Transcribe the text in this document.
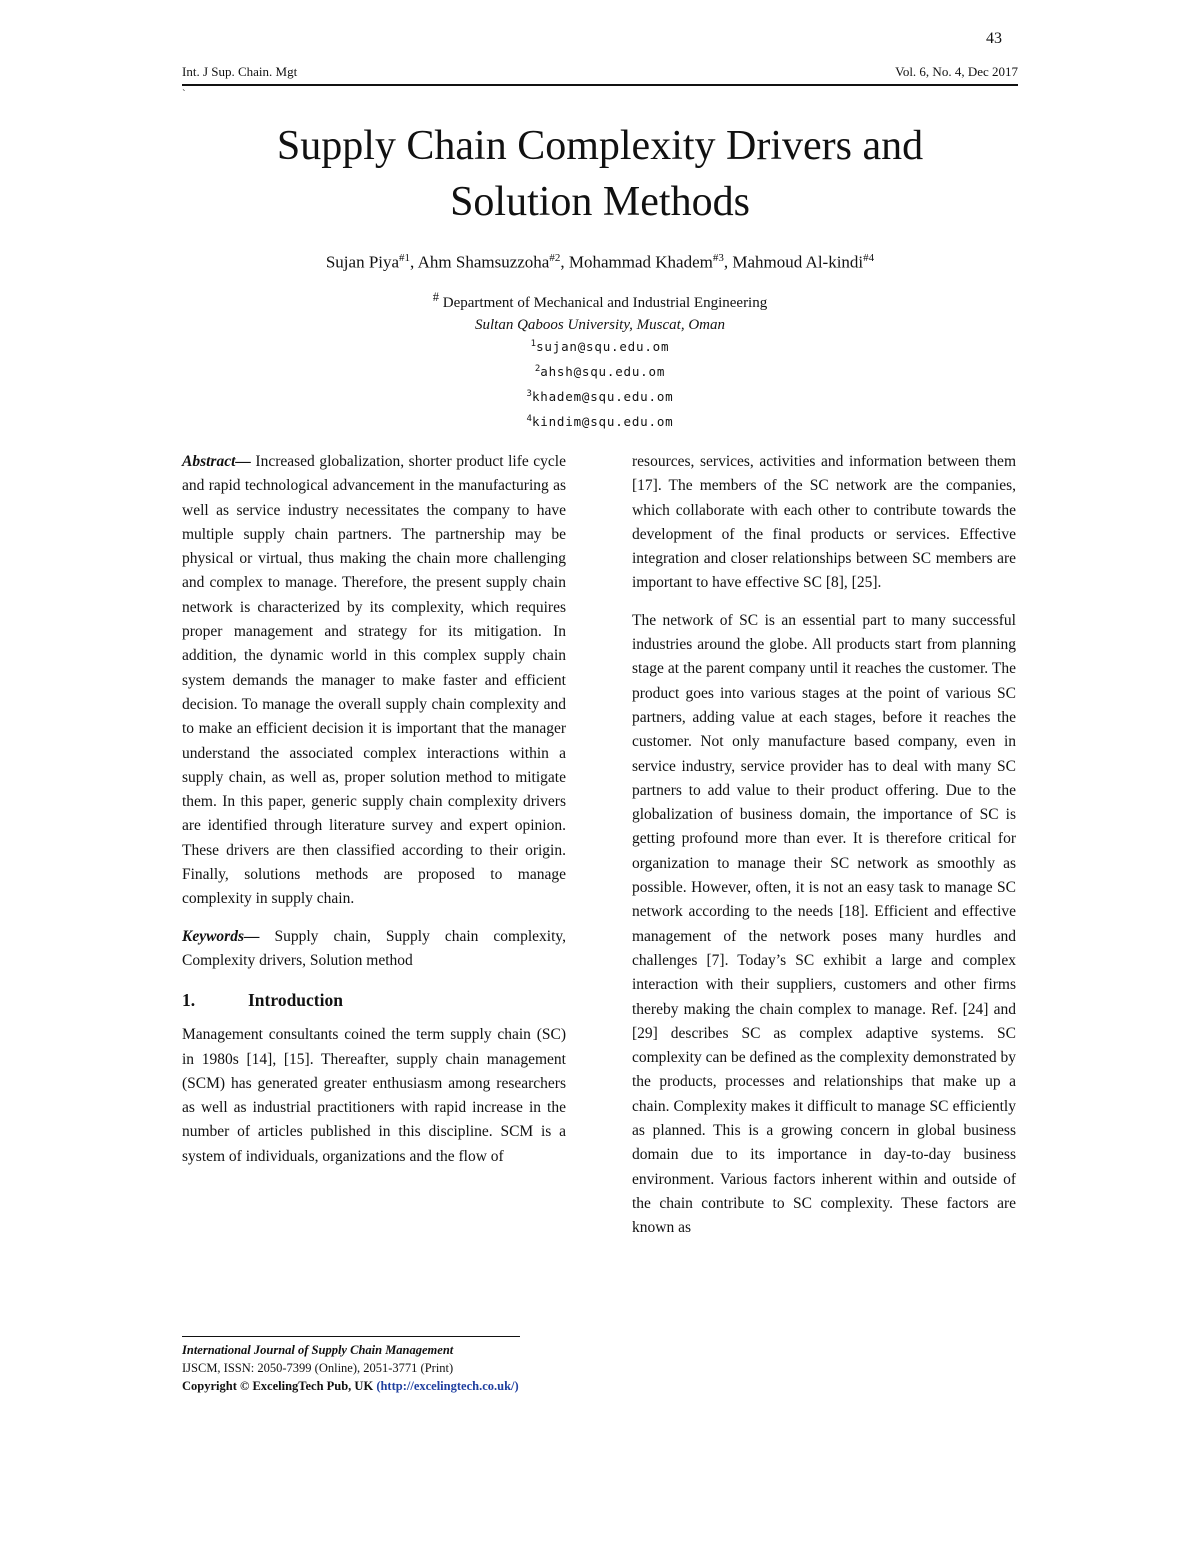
43
Int. J Sup. Chain. Mgt	Vol. 6, No. 4, Dec 2017
`
Supply Chain Complexity Drivers and
Solution Methods
Sujan Piya$^{\#1}$, Ahm Shamsuzzoha$^{\#2}$, Mohammad Khadem$^{\#3}$, Mahmoud Al-kindi$^{\#4}$
# Department of Mechanical and Industrial Engineering
Sultan Qaboos University, Muscat, Oman
$^1$sujan@squ.edu.om
$^2$ahsh@squ.edu.om
$^3$khadem@squ.edu.om
$^4$kindim@squ.edu.om

Abstract— Increased globalization, shorter product life cycle and rapid technological advancement in the manufacturing as well as service industry necessitates the company to have multiple supply chain partners. The partnership may be physical or virtual, thus making the chain more challenging and complex to manage. Therefore, the present supply chain network is characterized by its complexity, which requires proper management and strategy for its mitigation. In addition, the dynamic world in this complex supply chain system demands the manager to make faster and efficient decision. To manage the overall supply chain complexity and to make an efficient decision it is important that the manager understand the associated complex interactions within a supply chain, as well as, proper solution method to mitigate them. In this paper, generic supply chain complexity drivers are identified through literature survey and expert opinion. These drivers are then classified according to their origin. Finally, solutions methods are proposed to manage complexity in supply chain.

Keywords— Supply chain, Supply chain complexity, Complexity drivers, Solution method

1.	Introduction

Management consultants coined the term supply chain (SC) in 1980s [14], [15]. Thereafter, supply chain management (SCM) has generated greater enthusiasm among researchers as well as industrial practitioners with rapid increase in the number of articles published in this discipline. SCM is a system of individuals, organizations and the flow of

resources, services, activities and information between them [17]. The members of the SC network are the companies, which collaborate with each other to contribute towards the development of the final products or services. Effective integration and closer relationships between SC members are important to have effective SC [8], [25].

The network of SC is an essential part to many successful industries around the globe. All products start from planning stage at the parent company until it reaches the customer. The product goes into various stages at the point of various SC partners, adding value at each stages, before it reaches the customer. Not only manufacture based company, even in service industry, service provider has to deal with many SC partners to add value to their product offering. Due to the globalization of business domain, the importance of SC is getting profound more than ever. It is therefore critical for organization to manage their SC network as smoothly as possible. However, often, it is not an easy task to manage SC network according to the needs [18]. Efficient and effective management of the network poses many hurdles and challenges [7]. Today’s SC exhibit a large and complex interaction with their suppliers, customers and other firms thereby making the chain complex to manage. Ref. [24] and [29] describes SC as complex adaptive systems. SC complexity can be defined as the complexity demonstrated by the products, processes and relationships that make up a chain. Complexity makes it difficult to manage SC efficiently as planned. This is a growing concern in global business domain due to its importance in day-to-day business environment. Various factors inherent within and outside of the chain contribute to SC complexity. These factors are known as

International Journal of Supply Chain Management
IJSCM, ISSN: 2050-7399 (Online), 2051-3771 (Print)
Copyright © ExcelingTech Pub, UK (http://excelingtech.co.uk/)
